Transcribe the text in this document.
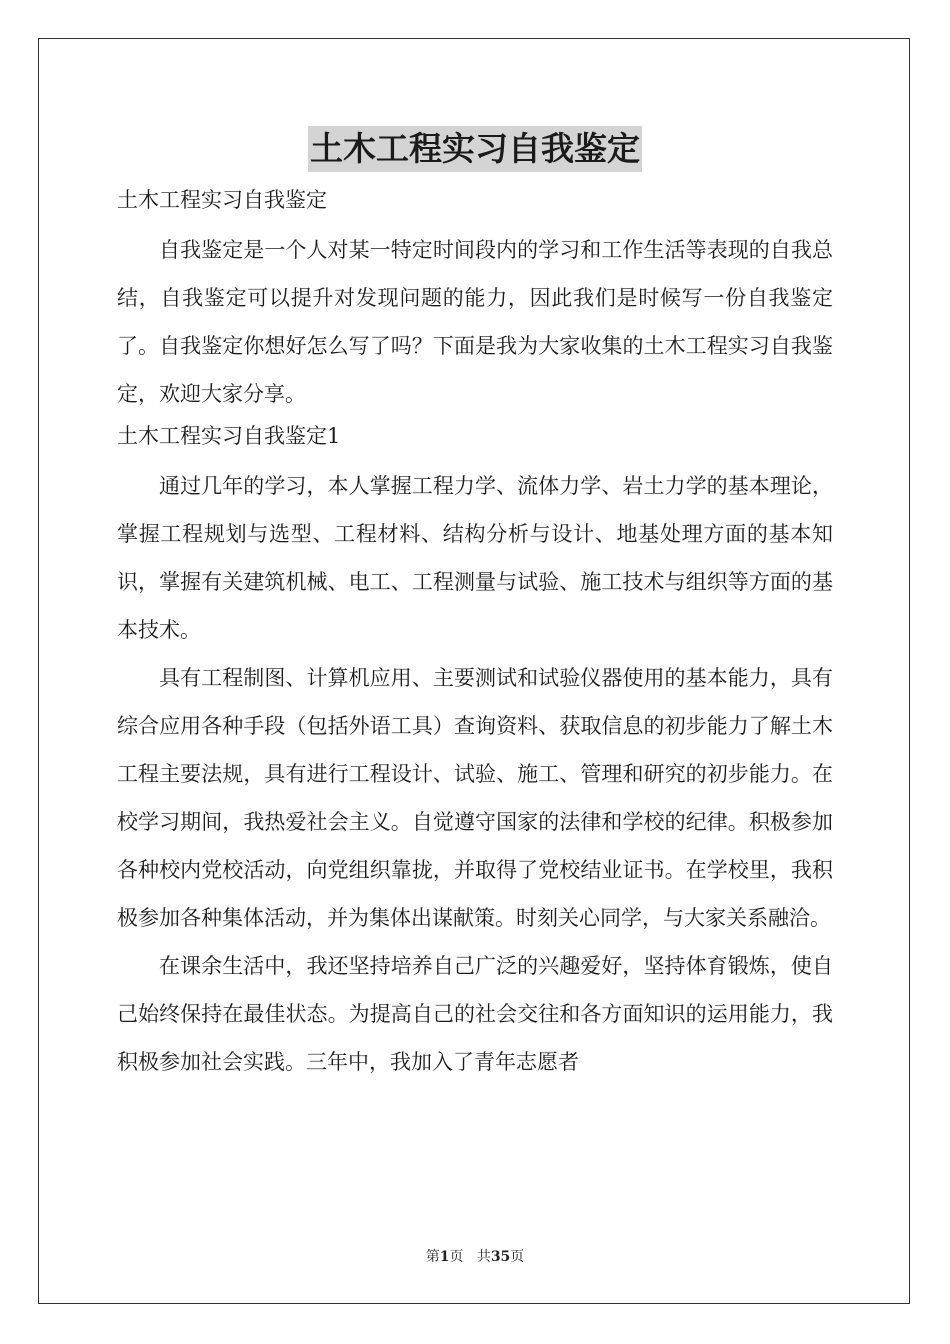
土木工程实习自我鉴定
土木工程实习自我鉴定

自我鉴定是一个人对某一特定时间段内的学习和工作生活等表现的自我总结，自我鉴定可以提升对发现问题的能力，因此我们是时候写一份自我鉴定了。自我鉴定你想好怎么写了吗？下面是我为大家收集的土木工程实习自我鉴定，欢迎大家分享。

土木工程实习自我鉴定1

通过几年的学习，本人掌握工程力学、流体力学、岩土力学的基本理论，掌握工程规划与选型、工程材料、结构分析与设计、地基处理方面的基本知识，掌握有关建筑机械、电工、工程测量与试验、施工技术与组织等方面的基本技术。

具有工程制图、计算机应用、主要测试和试验仪器使用的基本能力，具有综合应用各种手段（包括外语工具）查询资料、获取信息的初步能力了解土木工程主要法规，具有进行工程设计、试验、施工、管理和研究的初步能力。在校学习期间，我热爱社会主义。自觉遵守国家的法律和学校的纪律。积极参加各种校内党校活动，向党组织靠拢，并取得了党校结业证书。在学校里，我积极参加各种集体活动，并为集体出谋献策。时刻关心同学，与大家关系融洽。

在课余生活中，我还坚持培养自己广泛的兴趣爱好，坚持体育锻炼，使自己始终保持在最佳状态。为提高自己的社会交往和各方面知识的运用能力，我积极参加社会实践。三年中，我加入了青年志愿者

第1页 共35页
